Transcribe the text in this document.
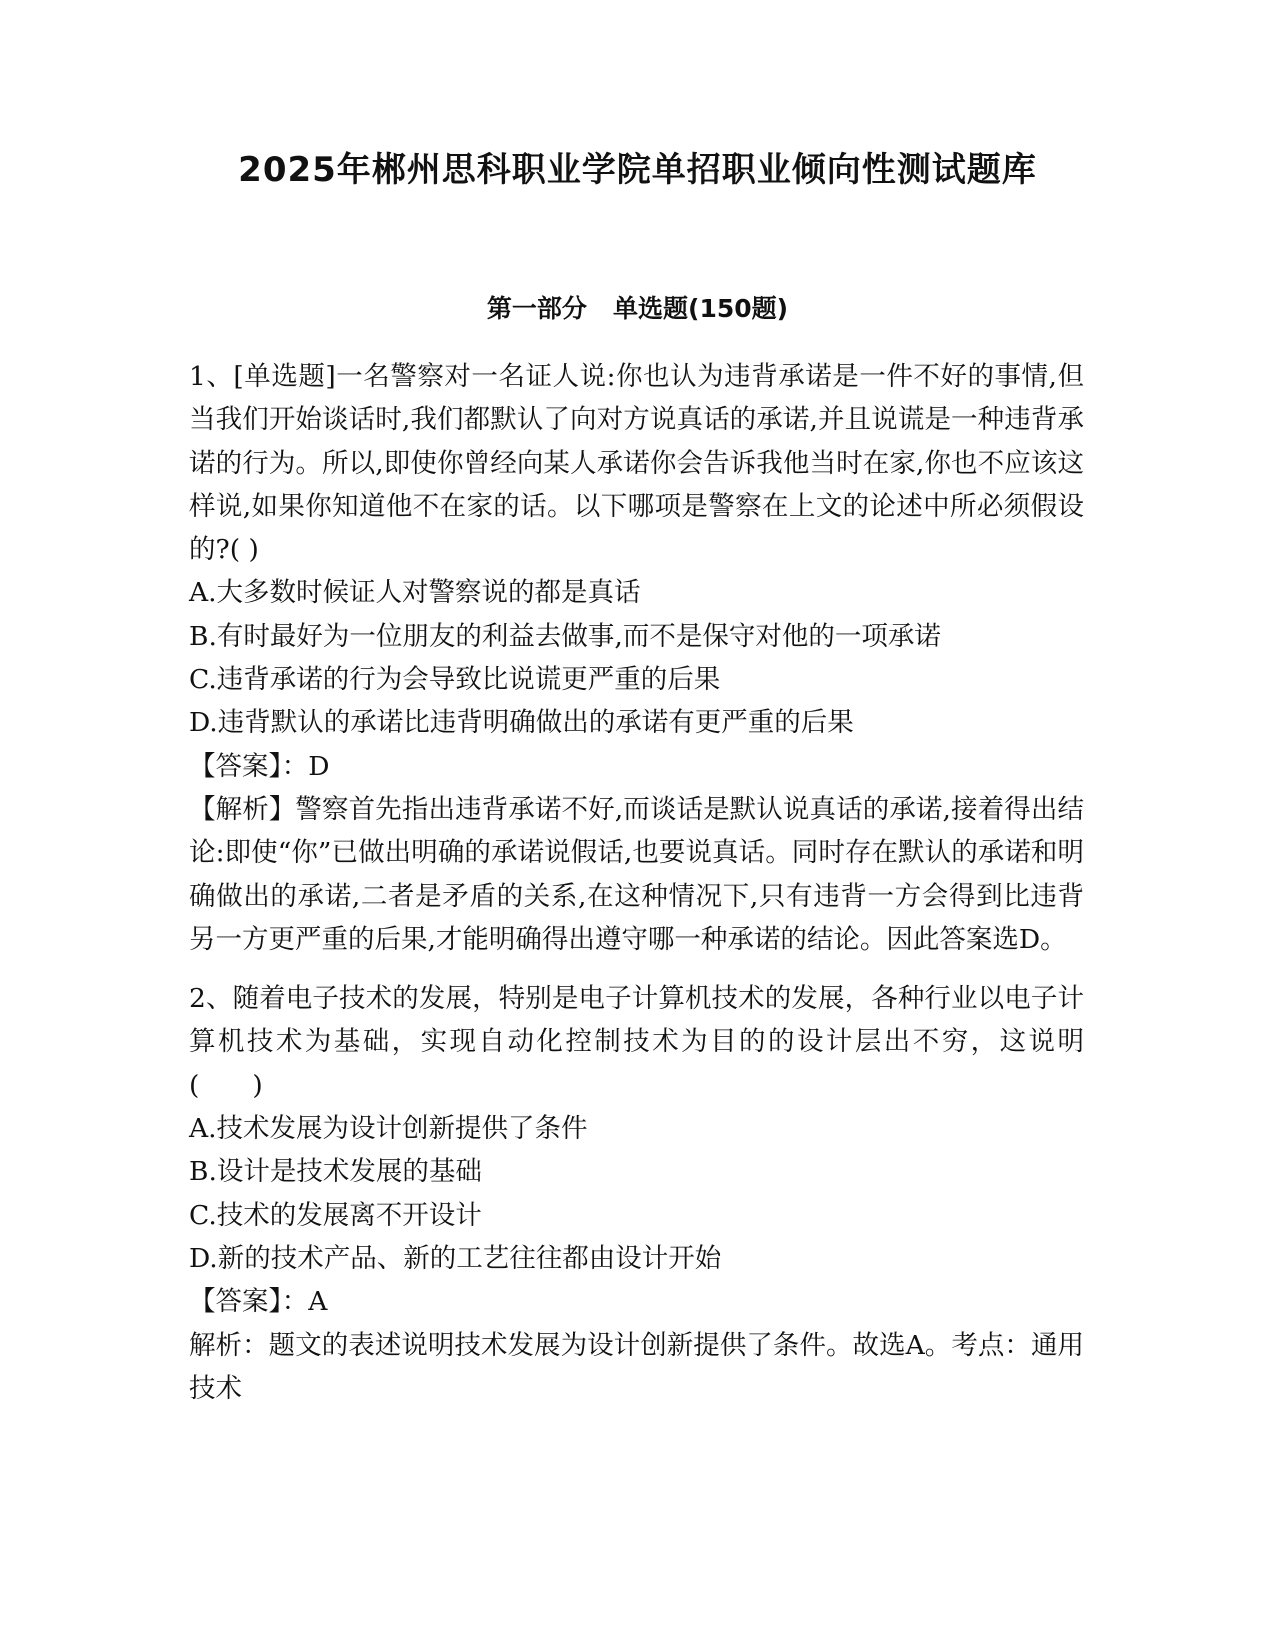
2025年郴州思科职业学院单招职业倾向性测试题库
第一部分   单选题(150题)

1、[单选题]一名警察对一名证人说:你也认为违背承诺是一件不好的事情,但当我们开始谈话时,我们都默认了向对方说真话的承诺,并且说谎是一种违背承诺的行为。所以,即使你曾经向某人承诺你会告诉我他当时在家,你也不应该这样说,如果你知道他不在家的话。以下哪项是警察在上文的论述中所必须假设的?( )

A.大多数时候证人对警察说的都是真话

B.有时最好为一位朋友的利益去做事,而不是保守对他的一项承诺

C.违背承诺的行为会导致比说谎更严重的后果

D.违背默认的承诺比违背明确做出的承诺有更严重的后果

【答案】：D

【解析】警察首先指出违背承诺不好,而谈话是默认说真话的承诺,接着得出结论:即使“你”已做出明确的承诺说假话,也要说真话。同时存在默认的承诺和明确做出的承诺,二者是矛盾的关系,在这种情况下,只有违背一方会得到比违背另一方更严重的后果,才能明确得出遵守哪一种承诺的结论。因此答案选D。

2、随着电子技术的发展，特别是电子计算机技术的发展，各种行业以电子计算机技术为基础，实现自动化控制技术为目的的设计层出不穷，这说明(　　)

A.技术发展为设计创新提供了条件

B.设计是技术发展的基础

C.技术的发展离不开设计

D.新的技术产品、新的工艺往往都由设计开始

【答案】：A

解析：题文的表述说明技术发展为设计创新提供了条件。故选A。考点：通用技术
